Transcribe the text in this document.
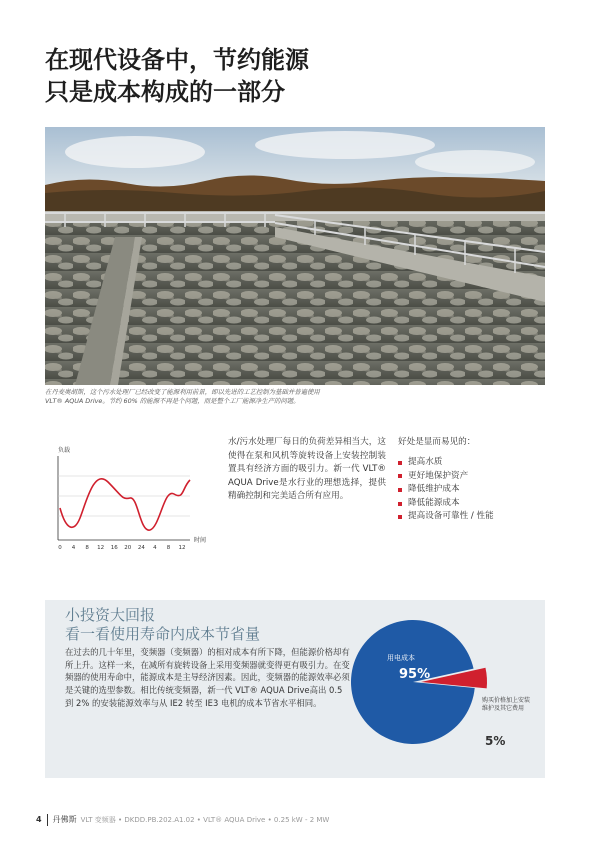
在现代设备中，节约能源
只是成本构成的一部分
在丹麦奥胡斯，这个污水处理厂已经改变了能源利用前景，即以先进的工艺控制为基础并普遍使用
VLT® AQUA Drive。节约 60% 的能源不再是个问题，而是整个工厂能源净生产的问题。
负载
时间
0 4 8 12 16 20 24 4 8 12
水/污水处理厂每日的负荷差异相当大，这使得在泵和风机等旋转设备上安装控制装置具有经济方面的吸引力。新一代 VLT® AQUA Drive是水行业的理想选择，提供精确控制和完美适合所有应用。
好处是显而易见的：
提高水质
更好地保护资产
降低维护成本
降低能源成本
提高设备可靠性 / 性能
小投资大回报
看一看使用寿命内成本节省量
在过去的几十年里，变频器（变频器）的相对成本有所下降，但能源价格却有所上升。这样一来，在减所有旋转设备上采用变频器就变得更有吸引力。在变频器的使用寿命中，能源成本是主导经济因素。因此，变频器的能源效率必须是关键的选型参数。相比传统变频器，新一代 VLT® AQUA Drive高出 0.5 到 2% 的安装能源效率与从 IE2 转至 IE3 电机的成本节省水平相同。
用电成本
95%
购买价格加上安装 维护及其它费用
5%
4 丹佛斯 VLT 变频器 • DKDD.PB.202.A1.02 • VLT® AQUA Drive • 0.25 kW - 2 MW
